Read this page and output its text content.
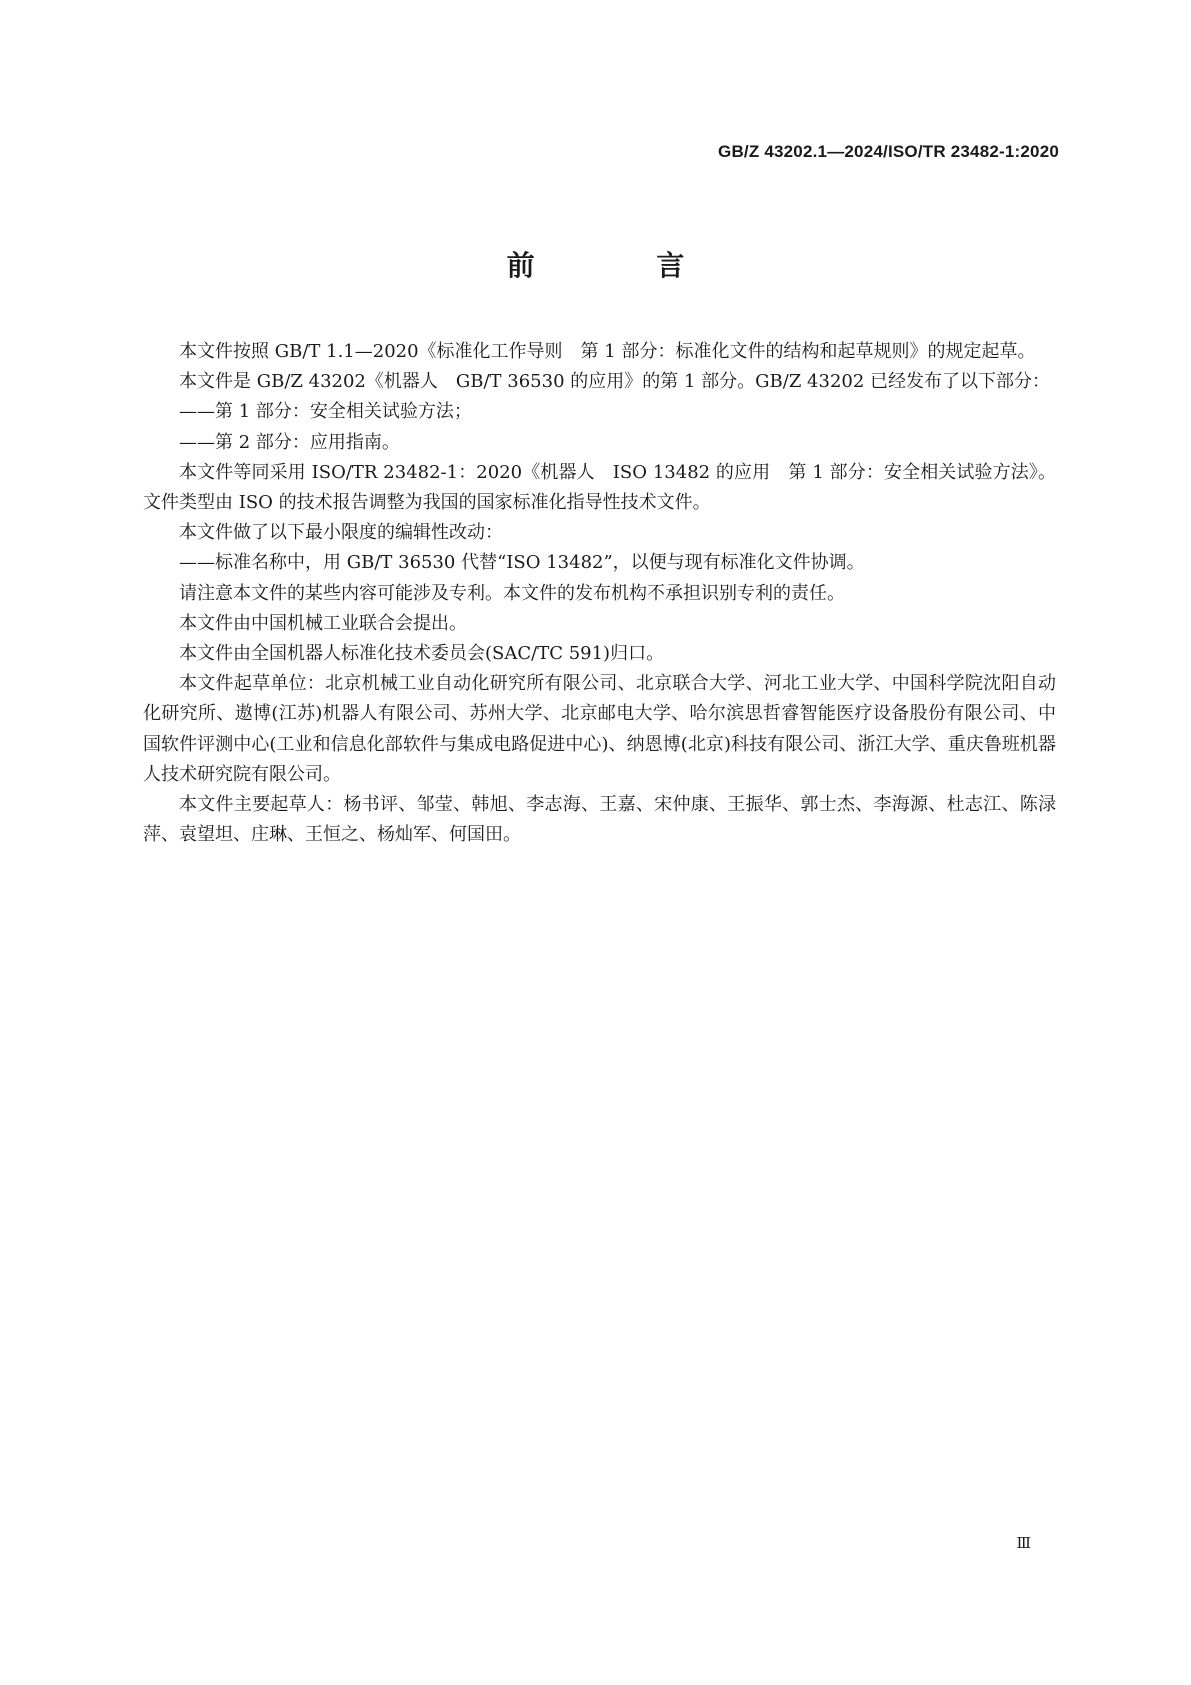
GB/Z 43202.1—2024/ISO/TR 23482-1:2020
前 言

本文件按照 GB/T 1.1—2020《标准化工作导则　第 1 部分：标准化文件的结构和起草规则》的规定起草。

本文件是 GB/Z 43202《机器人　GB/T 36530 的应用》的第 1 部分。GB/Z 43202 已经发布了以下部分：

——第 1 部分：安全相关试验方法；

——第 2 部分：应用指南。

本文件等同采用 ISO/TR 23482-1：2020《机器人　ISO 13482 的应用　第 1 部分：安全相关试验方法》。文件类型由 ISO 的技术报告调整为我国的国家标准化指导性技术文件。

本文件做了以下最小限度的编辑性改动：

——标准名称中，用 GB/T 36530 代替“ISO 13482”，以便与现有标准化文件协调。

请注意本文件的某些内容可能涉及专利。本文件的发布机构不承担识别专利的责任。

本文件由中国机械工业联合会提出。

本文件由全国机器人标准化技术委员会(SAC/TC 591)归口。

本文件起草单位：北京机械工业自动化研究所有限公司、北京联合大学、河北工业大学、中国科学院沈阳自动化研究所、遨博(江苏)机器人有限公司、苏州大学、北京邮电大学、哈尔滨思哲睿智能医疗设备股份有限公司、中国软件评测中心(工业和信息化部软件与集成电路促进中心)、纳恩博(北京)科技有限公司、浙江大学、重庆鲁班机器人技术研究院有限公司。

本文件主要起草人：杨书评、邹莹、韩旭、李志海、王嘉、宋仲康、王振华、郭士杰、李海源、杜志江、陈渌萍、袁望坦、庄琳、王恒之、杨灿军、何国田。

Ⅲ
